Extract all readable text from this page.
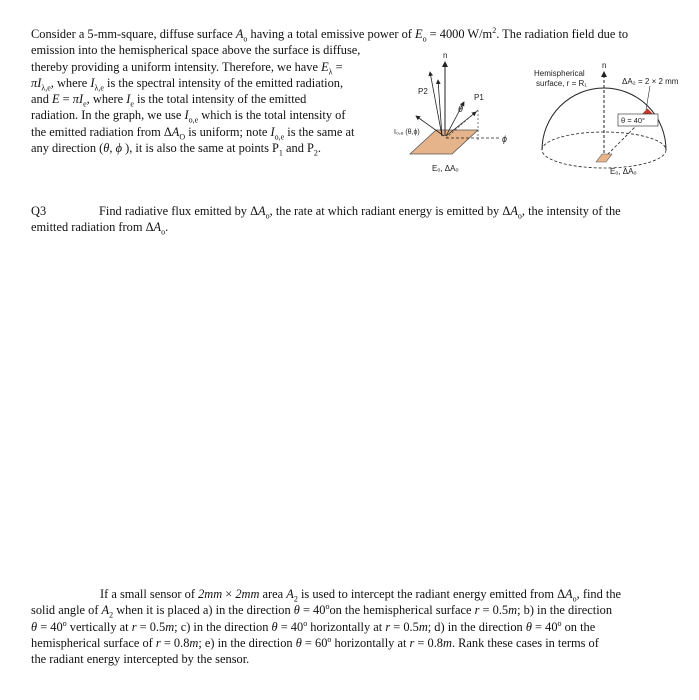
Consider a 5-mm-square, diffuse surface $A_o$ having a total emissive power of $E_o = 4000$ $W/m^2$. The radiation field due to
emission into the hemispherical space above the surface is diffuse,
thereby providing a uniform intensity. Therefore, we have $E_\lambda$ =
$\pi I_{\lambda,e}$, where $I_{\lambda,e}$ is the spectral intensity of the emitted radiation,
and $E = \pi I_e$, where $I_e$ is the total intensity of the emitted
radiation. In the graph, we use $I_{o,e}$ which is the total intensity of
the emitted radiation from $\Delta A_O$ is uniform; note $I_{o,e}$ is the same at
any direction (θ, ϕ ), it is also the same at points $P_1$ and $P_2$.
n
ϕ
θ
P1
P2
I₀,ₑ (θ,ϕ)
Eₒ, ΔAₒ
n
Hemispherical
surface, r = R₁	ΔA₂ = 2 × 2 mm
θ = 40°
Eₒ, ΔAₒ
Q3	Find radiative flux emitted by $\Delta A_o$, the rate at which radiant energy is emitted by $\Delta A_o$, the intensity of the
emitted radiation from $\Delta A_o$.
If a small sensor of 2mm × 2mm area $A_2$ is used to intercept the radiant energy emitted from $\Delta A_o$, find the
solid angle of $A_2$ when it is placed a) in the direction $\theta = 40^oon$ the hemispherical surface r = 0.5m; b) in the direction
$\theta = 40^o$ vertically at r = 0.5m; c) in the direction $\theta = 40^o$ horizontally at r = 0.5m; d) in the direction $\theta = 40^o$ on the
hemispherical surface of r = 0.8m; e) in the direction $\theta = 60^o$ horizontally at r = 0.8m. Rank these cases in terms of
the radiant energy intercepted by the sensor.
